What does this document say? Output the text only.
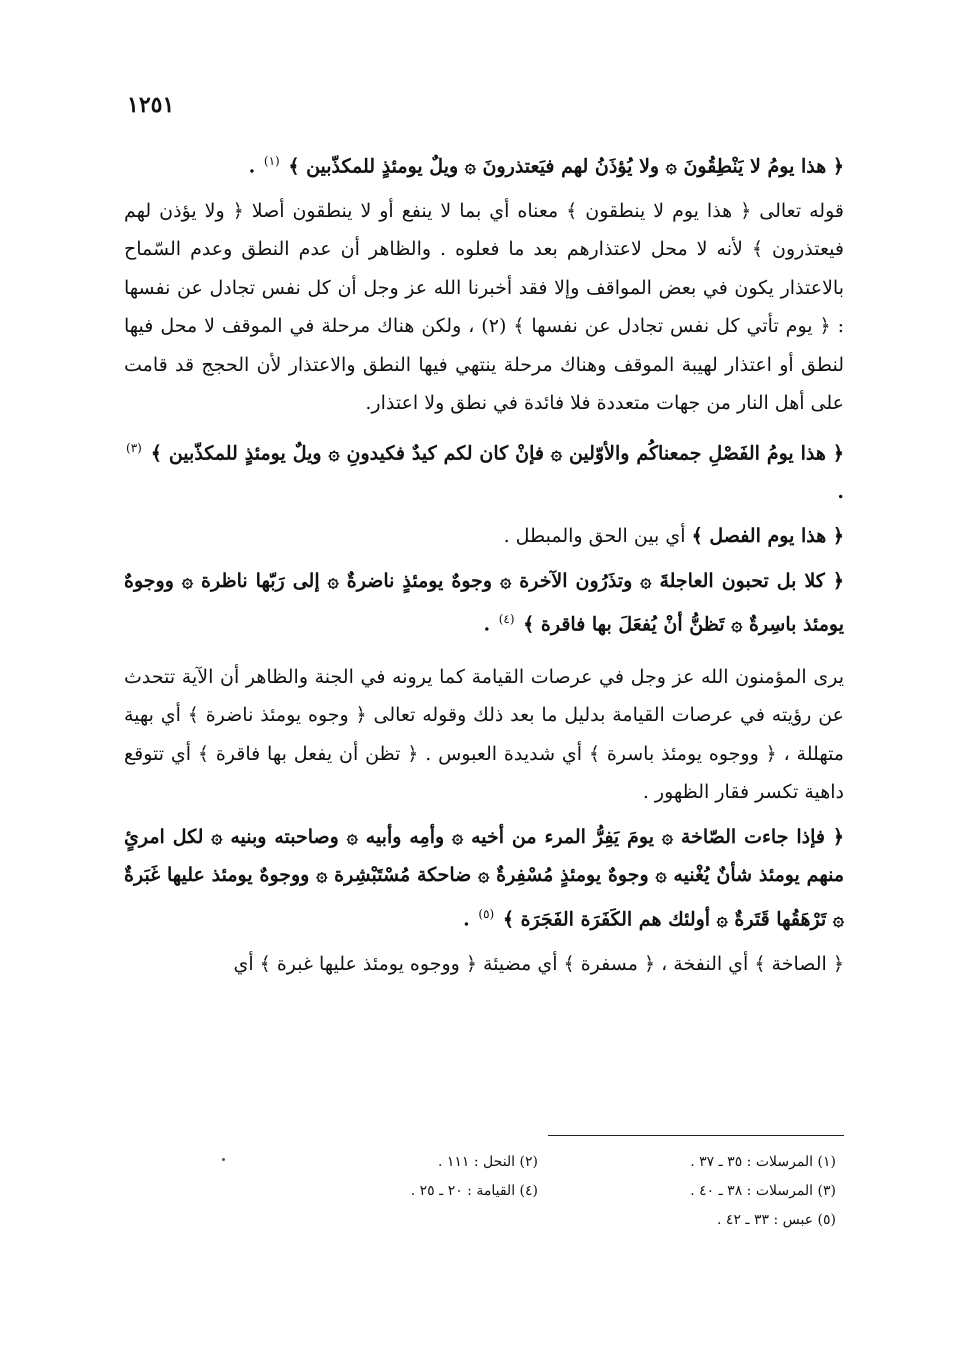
١٢٥١

﴿ هذا يومُ لا يَنْطِقُونَ ۞ ولا يُؤذَنُ لهم فيَعتذرونَ ۞ ويلٌ يومئذٍ للمكذّبين ﴾ $^{(١)}$ .

قوله تعالى ﴿ هذا يوم لا ينطقون ﴾ معناه أي بما لا ينفع أو لا ينطقون أصلا ﴿ ولا يؤذن لهم فيعتذرون ﴾ لأنه لا محل لاعتذارهم بعد ما فعلوه . والظاهر أن عدم النطق وعدم السّماح بالاعتذار يكون في بعض المواقف وإلا فقد أخبرنا الله عز وجل أن كل نفس تجادل عن نفسها : ﴿ يوم تأتي كل نفس تجادل عن نفسها ﴾ (٢) ، ولكن هناك مرحلة في الموقف لا محل فيها لنطق أو اعتذار لهيبة الموقف وهناك مرحلة ينتهي فيها النطق والاعتذار لأن الحجج قد قامت على أهل النار من جهات متعددة فلا فائدة في نطق ولا اعتذار.

﴿ هذا يومُ الفَصْلِ جمعناكُم والأوّلين ۞ فإنْ كان لكم كيدٌ فكيدونِ ۞ ويلٌ يومئذٍ للمكذّبين ﴾ $^{(٣)}$ .

﴿ هذا يوم الفصل ﴾ أي بين الحق والمبطل .

﴿ كلا بل تحبون العاجلةَ ۞ وتذَرُون الآخرة ۞ وجوهٌ يومئذٍ ناضرةٌ ۞ إلى رَبّها ناظرة ۞ ووجوهٌ يومئذ باسِرةٌ ۞ تَظنُّ أنْ يُفعَلَ بها فاقرة ﴾ $^{(٤)}$ .

يرى المؤمنون الله عز وجل في عرصات القيامة كما يرونه في الجنة والظاهر أن الآية تتحدث عن رؤيته في عرصات القيامة بدليل ما بعد ذلك وقوله تعالى ﴿ وجوه يومئذ ناضرة ﴾ أي بهية متهللة ، ﴿ ووجوه يومئذ باسرة ﴾ أي شديدة العبوس . ﴿ تظن أن يفعل بها فاقرة ﴾ أي تتوقع داهية تكسر فقار الظهور .

﴿ فإذا جاءت الصّاخة ۞ يومَ يَفِرُّ المرء من أخيه ۞ وأمِه وأبيه ۞ وصاحبته وبنيه ۞ لكل امرئٍ منهم يومئذ شأنٌ يُغْنيه ۞ وجوهٌ يومئذٍ مُسْفِرةٌ ۞ ضاحكة مُسْتَبْشِرة ۞ ووجوهٌ يومئذ عليها غَبَرةٌ ۞ تَرْهَقُها قَتَرةٌ ۞ أولئك هم الكَفَرَة الفَجَرَة ﴾ $^{(٥)}$ .

﴿ الصاخة ﴾ أي النفخة ، ﴿ مسفرة ﴾ أي مضيئة ﴿ ووجوه يومئذ عليها غبرة ﴾ أي

(١) المرسلات : ٣٥ ـ ٣٧ .
(٢) النحل : ١١١ .
(٣) المرسلات : ٣٨ ـ ٤٠ .
(٤) القيامة : ٢٠ ـ ٢٥ .
(٥) عبس : ٣٣ ـ ٤٢ .
